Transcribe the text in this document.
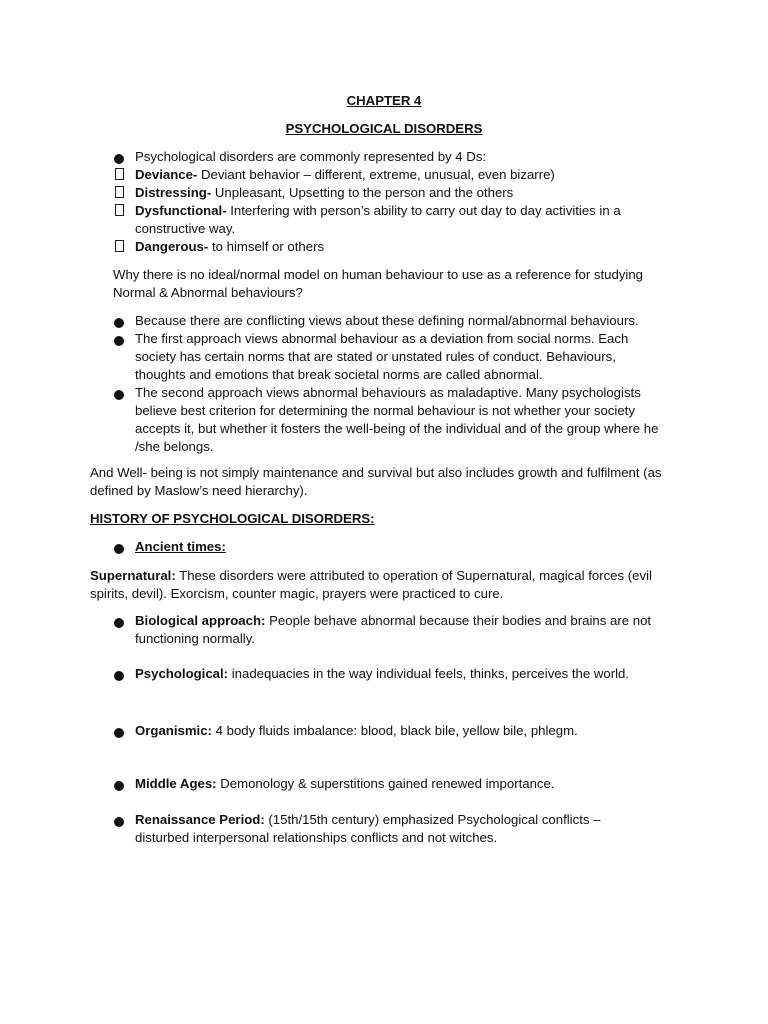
CHAPTER 4
PSYCHOLOGICAL DISORDERS
Psychological disorders are commonly represented by 4 Ds:
Deviance- Deviant behavior – different, extreme, unusual, even bizarre)
Distressing- Unpleasant, Upsetting to the person and the others
Dysfunctional- Interfering with person’s ability to carry out day to day activities in a constructive way.
Dangerous- to himself or others
Why there is no ideal/normal model on human behaviour to use as a reference for studying Normal & Abnormal behaviours?
Because there are conflicting views about these defining normal/abnormal behaviours.
The first approach views abnormal behaviour as a deviation from social norms. Each society has certain norms that are stated or unstated rules of conduct. Behaviours, thoughts and emotions that break societal norms are called abnormal.
The second approach views abnormal behaviours as maladaptive. Many psychologists believe best criterion for determining the normal behaviour is not whether your society accepts it, but whether it fosters the well-being of the individual and of the group where he /she belongs.
And Well- being is not simply maintenance and survival but also includes growth and fulfilment (as defined by Maslow’s need hierarchy).
HISTORY OF PSYCHOLOGICAL DISORDERS:
Ancient times:
Supernatural: These disorders were attributed to operation of Supernatural, magical forces (evil spirits, devil). Exorcism, counter magic, prayers were practiced to cure.
Biological approach: People behave abnormal because their bodies and brains are not functioning normally.
Psychological: inadequacies in the way individual feels, thinks, perceives the world.
Organismic: 4 body fluids imbalance: blood, black bile, yellow bile, phlegm.
Middle Ages: Demonology & superstitions gained renewed importance.
Renaissance Period: (15th/15th century) emphasized Psychological conflicts – disturbed interpersonal relationships conflicts and not witches.
